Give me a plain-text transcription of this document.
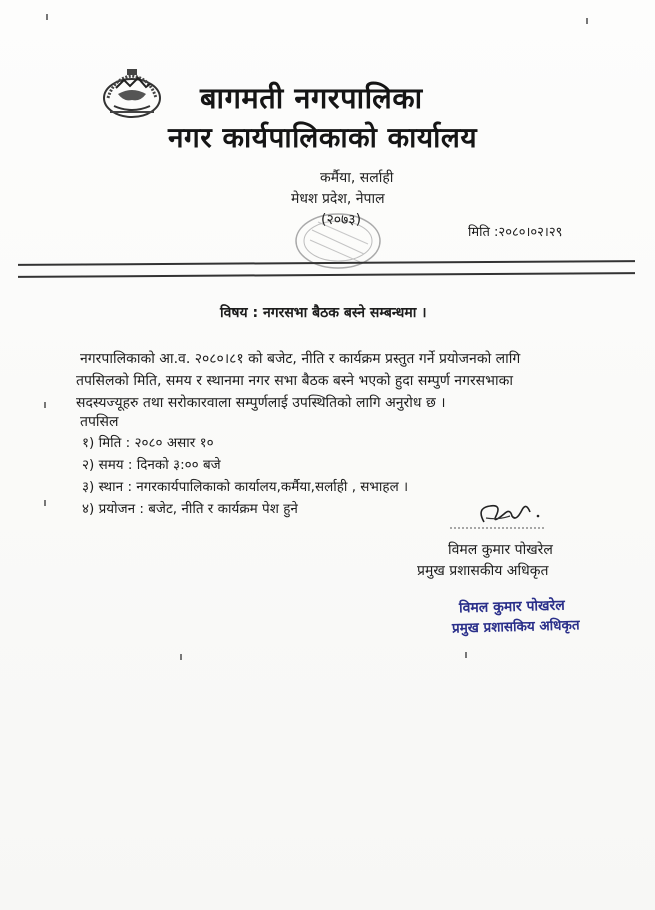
बागमती नगरपालिका
नगर कार्यपालिकाको कार्यालय
कर्मैया, सर्लाही
मेधश प्रदेश, नेपाल
(२०७३)
मिति :२०८०।०२।२९
विषय : नगरसभा बैठक बस्ने सम्बन्धमा ।

नगरपालिकाको आ.व. २०८०।८१ को बजेट, नीति र कार्यक्रम प्रस्तुत गर्ने प्रयोजनको लागि

तपसिलको मिति, समय र स्थानमा नगर सभा बैठक बस्ने भएको हुदा सम्पुर्ण नगरसभाका

सदस्यज्यूहरु तथा सरोकारवाला सम्पुर्णलाई उपस्थितिको लागि अनुरोध छ ।

तपसिल
१) मिति : २०८० असार १०
२) समय : दिनको ३:०० बजे
३) स्थान : नगरकार्यपालिकाको कार्यालय,कर्मैया,सर्लाही , सभाहल ।
४) प्रयोजन : बजेट, नीति र कार्यक्रम पेश हुने
विमल कुमार पोखरेल
प्रमुख प्रशासकीय अधिकृत
विमल कुमार पोखरेल
प्रमुख प्रशासकिय अधिकृत
